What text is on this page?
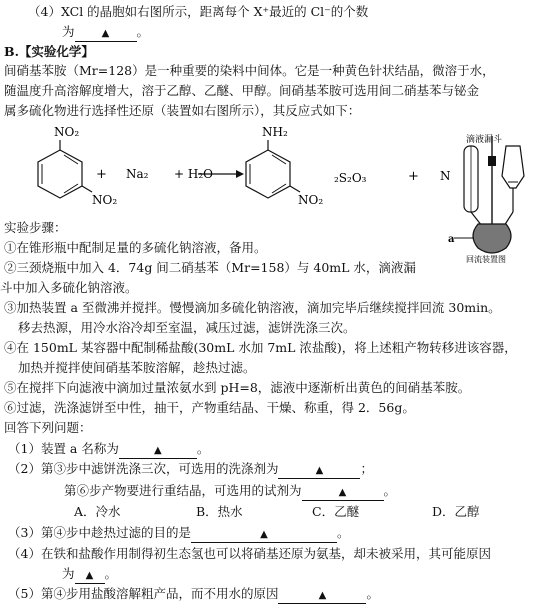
（4）XCl 的晶胞如右图所示，距离每个 X⁺最近的 Cl⁻的个数
为	▲ 。
B.【实验化学】
间硝基苯胺（Mr=128）是一种重要的染料中间体。它是一种黄色针状结晶，微溶于水，
随温度升高溶解度增大，溶于乙醇、乙醚、甲醇。间硝基苯胺可选用间二硝基苯与铋金
属多硫化物进行选择性还原（装置如右图所示），其反应式如下：
NO₂
NO₂
+ Na₂ + H₂O
NH₂
NO₂
₂S₂O₃	+ N
滴液漏斗
a
回流装置图
实验步骤：
①在锥形瓶中配制足量的多硫化钠溶液，备用。
②三颈烧瓶中加入 4．74g 间二硝基苯（Mr=158）与 40mL 水，滴液漏
斗中加入多硫化钠溶液。
③加热装置 a 至微沸并搅拌。慢慢滴加多硫化钠溶液，滴加完毕后继续搅拌回流 30min。
移去热源，用冷水浴冷却至室温，减压过滤，滤饼洗涤三次。
④在 150mL 某容器中配制稀盐酸(30mL 水加 7mL 浓盐酸)，将上述粗产物转移进该容器，
加热并搅拌使间硝基苯胺溶解，趁热过滤。
⑤在搅拌下向滤液中滴加过量浓氨水到 pH=8，滤液中逐渐析出黄色的间硝基苯胺。
⑥过滤，洗涤滤饼至中性，抽干，产物重结晶、干燥、称重，得 2．56g。
回答下列问题：
（1）装置 a 名称为	▲	。
（2）第③步中滤饼洗涤三次，可选用的洗涤剂为	▲	；
第⑥步产物要进行重结晶，可选用的试剂为	▲	。
A．冷水	B．热水	C．乙醚	D．乙醇
（3）第④步中趁热过滤的目的是	▲	。
（4）在铁和盐酸作用制得初生态氢也可以将硝基还原为氨基，却未被采用，其可能原因
为 ▲ 。
（5）第④步用盐酸溶解粗产品，而不用水的原因	▲	。
